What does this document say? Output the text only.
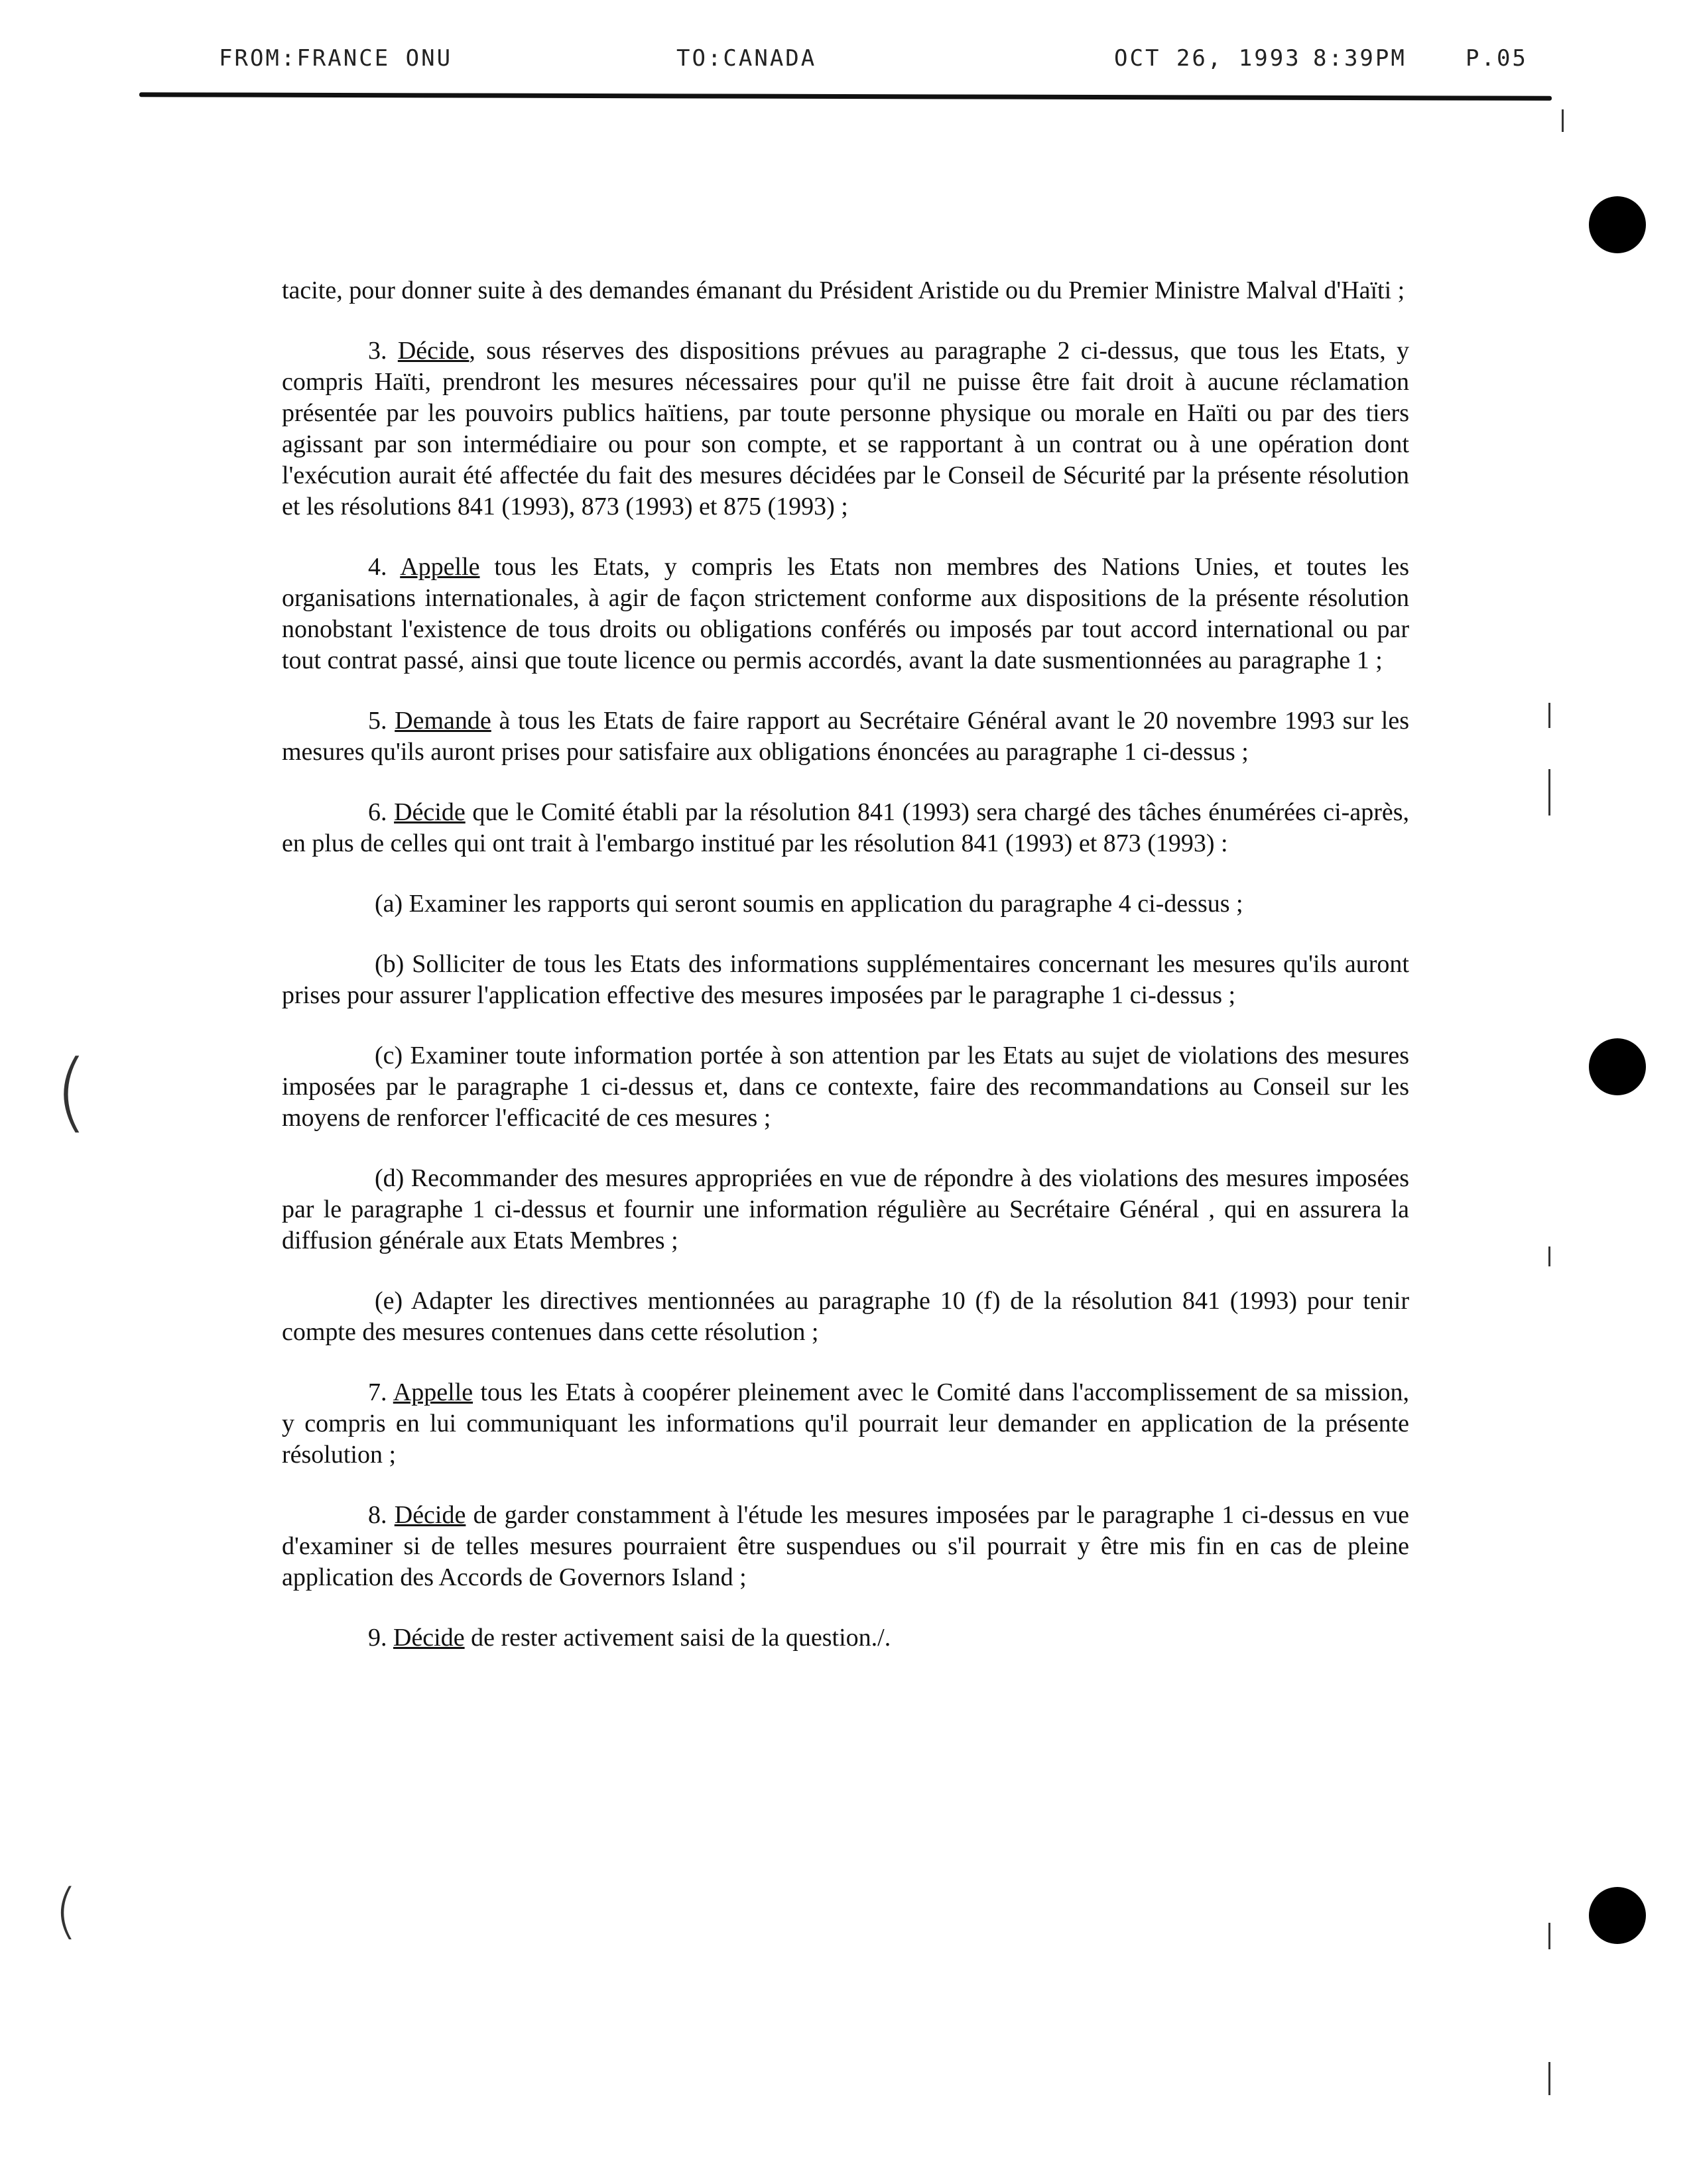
FROM:FRANCE ONU	TO:CANADA	OCT 26, 1993 8:39PM	P.05
(
(

tacite, pour donner suite à des demandes émanant du Président Aristide ou du Premier Ministre Malval d'Haïti ;

3. Décide, sous réserves des dispositions prévues au paragraphe 2 ci-dessus, que tous les Etats, y compris Haïti, prendront les mesures nécessaires pour qu'il ne puisse être fait droit à aucune réclamation présentée par les pouvoirs publics haïtiens, par toute personne physique ou morale en Haïti ou par des tiers agissant par son intermédiaire ou pour son compte, et se rapportant à un contrat ou à une opération dont l'exécution aurait été affectée du fait des mesures décidées par le Conseil de Sécurité par la présente résolution et les résolutions 841 (1993), 873 (1993) et 875 (1993) ;

4. Appelle tous les Etats, y compris les Etats non membres des Nations Unies, et toutes les organisations internationales, à agir de façon strictement conforme aux dispositions de la présente résolution nonobstant l'existence de tous droits ou obligations conférés ou imposés par tout accord international ou par tout contrat passé, ainsi que toute licence ou permis accordés, avant la date susmentionnées au paragraphe 1 ;

5. Demande à tous les Etats de faire rapport au Secrétaire Général avant le 20 novembre 1993 sur les mesures qu'ils auront prises pour satisfaire aux obligations énoncées au paragraphe 1 ci-dessus ;

6. Décide que le Comité établi par la résolution 841 (1993) sera chargé des tâches énumérées ci-après, en plus de celles qui ont trait à l'embargo institué par les résolution 841 (1993) et 873 (1993) :

(a) Examiner les rapports qui seront soumis en application du paragraphe 4 ci-dessus ;

(b) Solliciter de tous les Etats des informations supplémentaires concernant les mesures qu'ils auront prises pour assurer l'application effective des mesures imposées par le paragraphe 1 ci-dessus ;

(c) Examiner toute information portée à son attention par les Etats au sujet de violations des mesures imposées par le paragraphe 1 ci-dessus et, dans ce contexte, faire des recommandations au Conseil sur les moyens de renforcer l'efficacité de ces mesures ;

(d) Recommander des mesures appropriées en vue de répondre à des violations des mesures imposées par le paragraphe 1 ci-dessus et fournir une information régulière au Secrétaire Général , qui en assurera la diffusion générale aux Etats Membres ;

(e) Adapter les directives mentionnées au paragraphe 10 (f) de la résolution 841 (1993) pour tenir compte des mesures contenues dans cette résolution ;

7. Appelle tous les Etats à coopérer pleinement avec le Comité dans l'accomplissement de sa mission, y compris en lui communiquant les informations qu'il pourrait leur demander en application de la présente résolution ;

8. Décide de garder constamment à l'étude les mesures imposées par le paragraphe 1 ci-dessus en vue d'examiner si de telles mesures pourraient être suspendues ou s'il pourrait y être mis fin en cas de pleine application des Accords de Governors Island ;

9. Décide de rester activement saisi de la question./.
